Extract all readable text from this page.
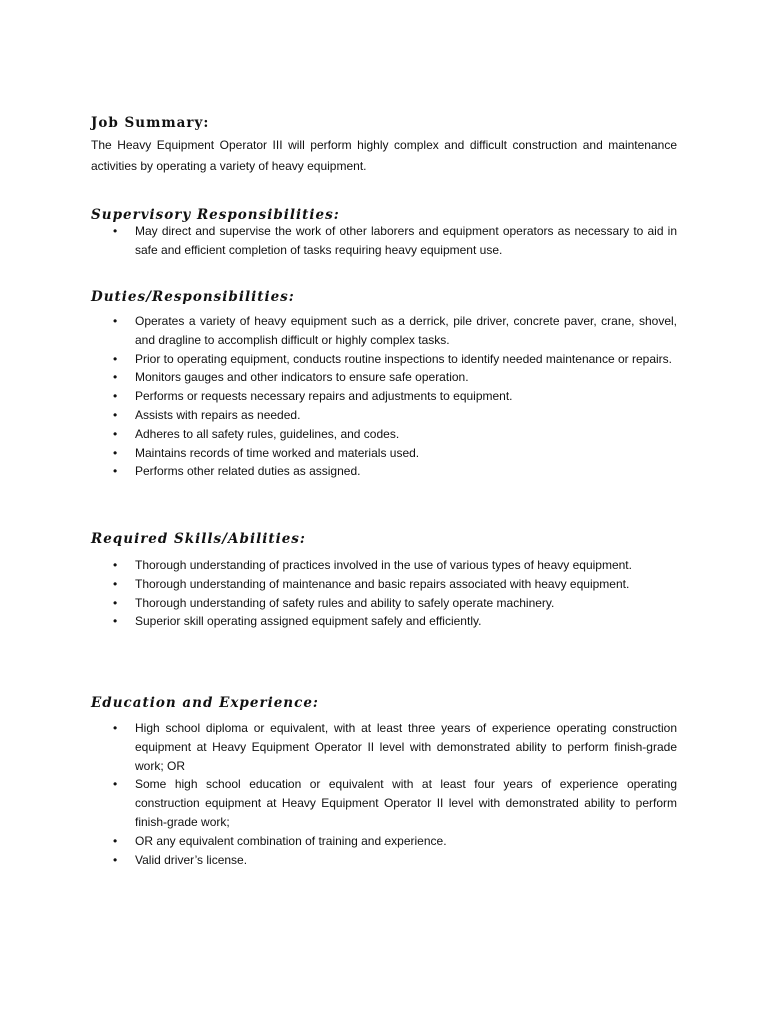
Job Summary:

The Heavy Equipment Operator III will perform highly complex and difficult construction and maintenance activities by operating a variety of heavy equipment.

Supervisory Responsibilities:
• May direct and supervise the work of other laborers and equipment operators as necessary to aid in safe and efficient completion of tasks requiring heavy equipment use.
Duties/Responsibilities:
• Operates a variety of heavy equipment such as a derrick, pile driver, concrete paver, crane, shovel, and dragline to accomplish difficult or highly complex tasks.
• Prior to operating equipment, conducts routine inspections to identify needed maintenance or repairs.
• Monitors gauges and other indicators to ensure safe operation.
• Performs or requests necessary repairs and adjustments to equipment.
• Assists with repairs as needed.
• Adheres to all safety rules, guidelines, and codes.
• Maintains records of time worked and materials used.
• Performs other related duties as assigned.
Required Skills/Abilities:
• Thorough understanding of practices involved in the use of various types of heavy equipment.
• Thorough understanding of maintenance and basic repairs associated with heavy equipment.
• Thorough understanding of safety rules and ability to safely operate machinery.
• Superior skill operating assigned equipment safely and efficiently.
Education and Experience:
• High school diploma or equivalent, with at least three years of experience operating construction equipment at Heavy Equipment Operator II level with demonstrated ability to perform finish-grade work; OR
• Some high school education or equivalent with at least four years of experience operating construction equipment at Heavy Equipment Operator II level with demonstrated ability to perform finish-grade work;
• OR any equivalent combination of training and experience.
• Valid driver’s license.
